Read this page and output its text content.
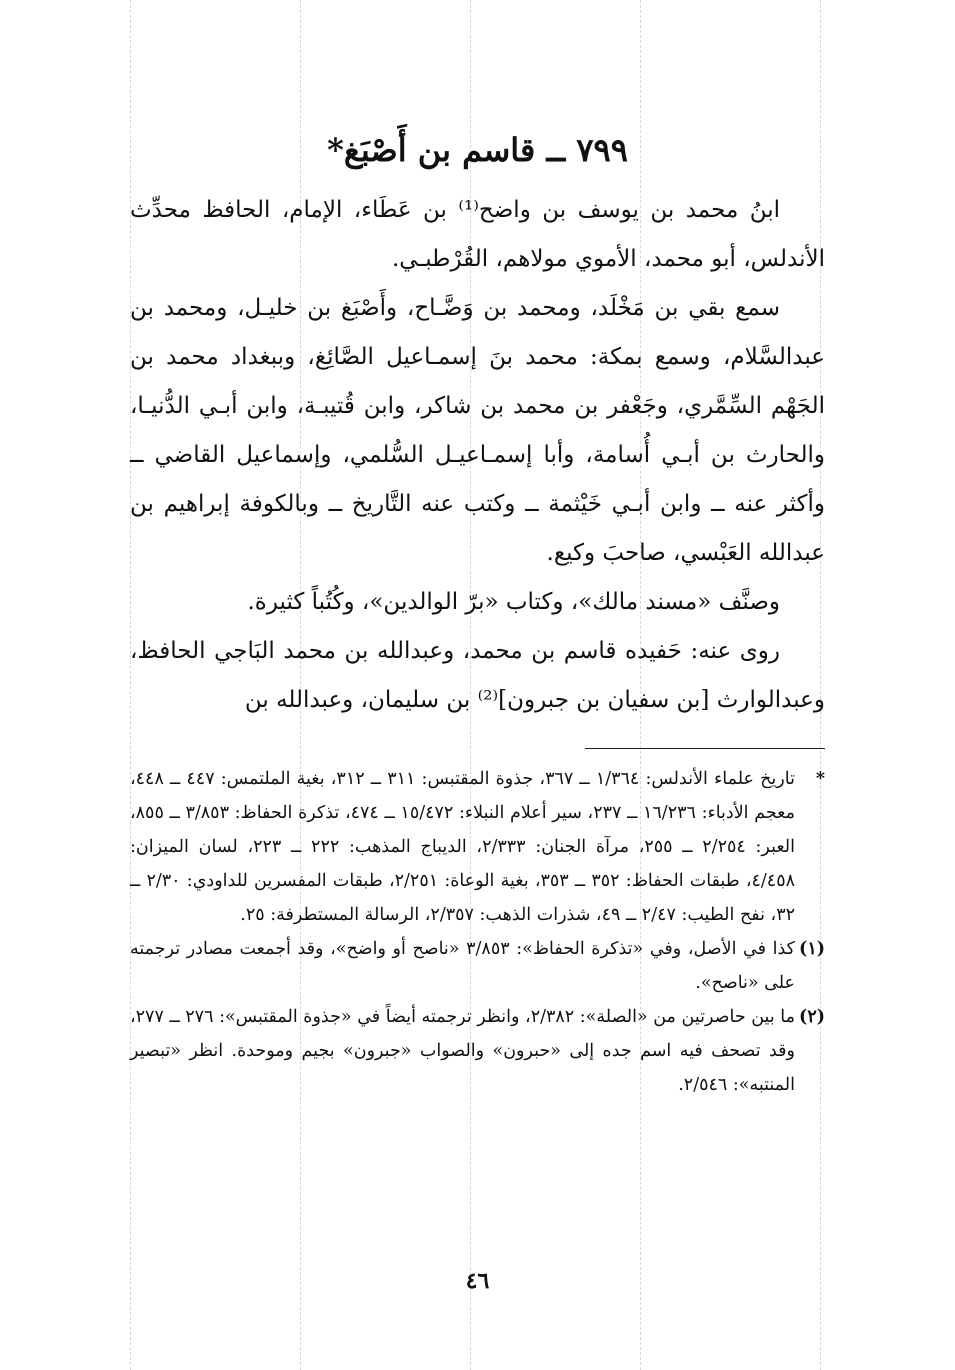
٧٩٩ ــ قاسم بن أَصْبَغ*

ابنُ محمد بن يوسف بن واضح⁽¹⁾ بن عَطَاء، الإمام، الحافظ محدِّث الأندلس، أبو محمد، الأموي مولاهم، القُرْطبـي.

سمع بقي بن مَخْلَد، ومحمد بن وَضَّـاح، وأَصْبَغ بن خليـل، ومحمد بن عبدالسَّلام، وسمع بمكة: محمد بنَ إسمـاعيل الصَّائِغ، وببغداد محمد بن الجَهْم السِّمَّري، وجَعْفر بن محمد بن شاكر، وابن قُتيبـة، وابن أبـي الدُّنيـا، والحارث بن أبـي أُسامة، وأبا إسمـاعيـل السُّلمي، وإسماعيل القاضي ــ وأكثر عنه ــ وابن أبـي خَيْثمة ــ وكتب عنه التَّاريخ ــ وبالكوفة إبراهيم بن عبدالله العَبْسي، صاحبَ وكيع.

وصنَّف «مسند مالك»، وكتاب «برّ الوالدين»، وكُتُباً كثيرة.

روى عنه: حَفيده قاسم بن محمد، وعبدالله بن محمد البَاجي الحافظ، وعبدالوارث [بن سفيان بن جبرون]⁽²⁾ بن سليمان، وعبدالله بن

*
تاريخ علماء الأندلس: ١/٣٦٤ ــ ٣٦٧، جذوة المقتبس: ٣١١ ــ ٣١٢، بغية الملتمس: ٤٤٧ ــ ٤٤٨، معجم الأدباء: ١٦/٢٣٦ ــ ٢٣٧، سير أعلام النبلاء: ١٥/٤٧٢ ــ ٤٧٤، تذكرة الحفاظ: ٣/٨٥٣ ــ ٨٥٥، العبر: ٢/٢٥٤ ــ ٢٥٥، مرآة الجنان: ٢/٣٣٣، الديباج المذهب: ٢٢٢ ــ ٢٢٣، لسان الميزان: ٤/٤٥٨، طبقات الحفاظ: ٣٥٢ ــ ٣٥٣، بغية الوعاة: ٢/٢٥١، طبقات المفسرين للداودي: ٢/٣٠ ــ ٣٢، نفح الطيب: ٢/٤٧ ــ ٤٩، شذرات الذهب: ٢/٣٥٧، الرسالة المستطرفة: ٢٥.
(١)
كذا في الأصل، وفي «تذكرة الحفاظ»: ٣/٨٥٣ «ناصح أو واضح»، وقد أجمعت مصادر ترجمته على «ناصح».
(٢)
ما بين حاصرتين من «الصلة»: ٢/٣٨٢، وانظر ترجمته أيضاً في «جذوة المقتبس»: ٢٧٦ ــ ٢٧٧، وقد تصحف فيه اسم جده إلى «حبرون» والصواب «جبرون» بجيم وموحدة. انظر «تبصير المنتبه»: ٢/٥٤٦.
٤٦
